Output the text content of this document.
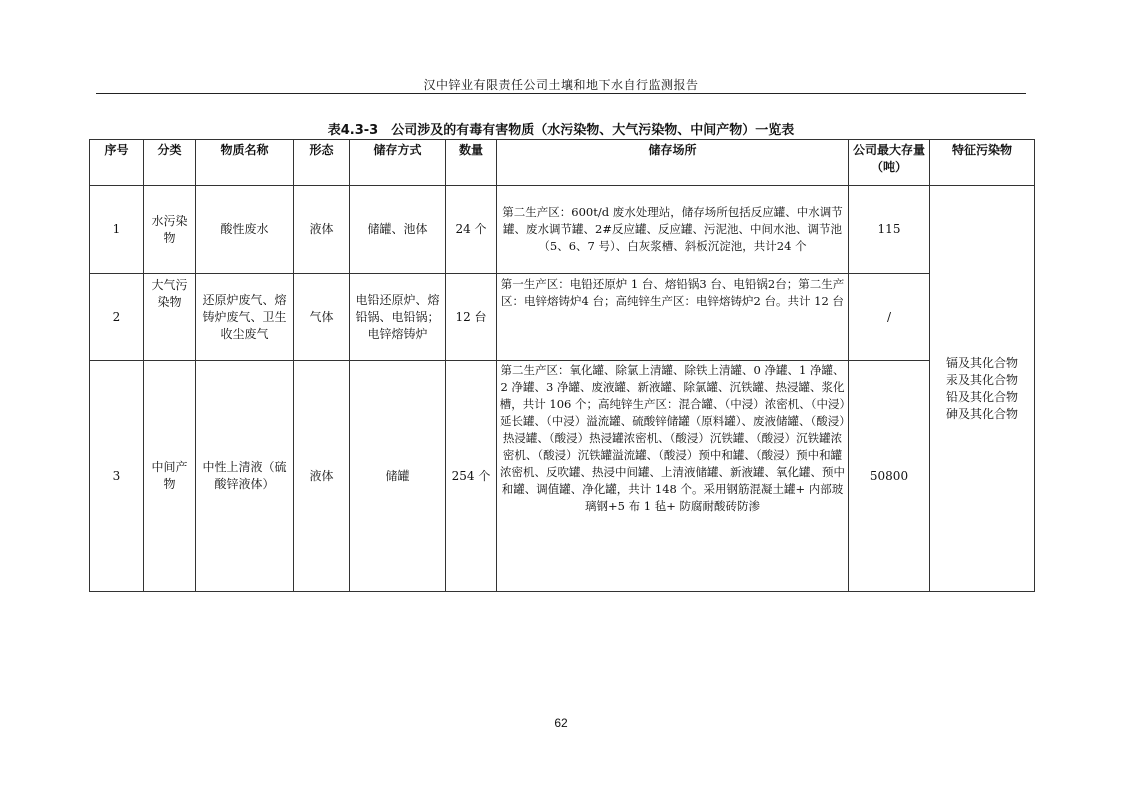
汉中锌业有限责任公司土壤和地下水自行监测报告
表4.3-3　公司涉及的有毒有害物质（水污染物、大气污染物、中间产物）一览表
序号	分类	物质名称	形态	储存方式	数量	储存场所	公司最大存量（吨）	特征污染物
1	水污染物	酸性废水	液体	储罐、池体	24 个	第二生产区：600t/d 废水处理站，储存场所包括反应罐、中水调节罐、废水调节罐、2#反应罐、反应罐、污泥池、中间水池、调节池（5、6、7 号）、白灰浆槽、斜板沉淀池，共计24 个	115	镉及其化合物
汞及其化合物
铅及其化合物
砷及其化合物

2	大气污染物	还原炉废气、熔铸炉废气、卫生收尘废气	气体	电铅还原炉、熔铅锅、电铅锅；电锌熔铸炉	12 台	第一生产区：电铅还原炉 1 台、熔铅锅3 台、电铅锅2台；第二生产区：电锌熔铸炉4 台；高纯锌生产区：电锌熔铸炉2 台。共计 12 台	/	
3	中间产物	中性上清液（硫酸锌液体）	液体	储罐	254 个	第二生产区：氧化罐、除氯上清罐、除铁上清罐、0 净罐、1 净罐、2 净罐、3 净罐、废液罐、新液罐、除氯罐、沉铁罐、热浸罐、浆化槽，共计 106 个；高纯锌生产区：混合罐、（中浸）浓密机、（中浸）延长罐、（中浸）溢流罐、硫酸锌储罐（原料罐）、废液储罐、（酸浸）热浸罐、（酸浸）热浸罐浓密机、（酸浸）沉铁罐、（酸浸）沉铁罐浓密机、（酸浸）沉铁罐溢流罐、（酸浸）预中和罐、（酸浸）预中和罐浓密机、反吹罐、热浸中间罐、上清液储罐、新液罐、氧化罐、预中和罐、调值罐、净化罐，共计 148 个。采用钢筋混凝土罐+ 内部玻璃钢+5 布 1 毡+ 防腐耐酸砖防渗	50800	
62
